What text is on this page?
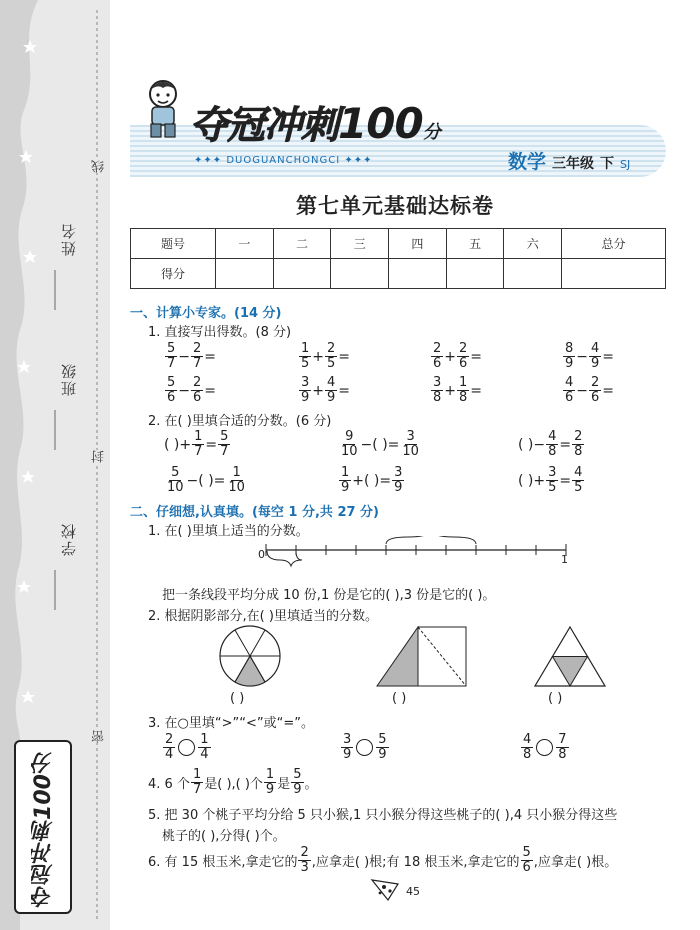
姓名
班级
学校
线
封
密
夺冠冲刺100分
夺冠冲刺100分
✦✦✦ DUOGUANCHONGCI ✦✦✦	数学 三年级 下 SJ
第七单元基础达标卷
题号	一	二	三	四	五	六	总分
得分							
一、计算小专家。(14 分)
1. 直接写出得数。(8 分)
$\frac{5}{7} - \frac{2}{7}$ =	$\frac{1}{5} + \frac{2}{5}$ =	$\frac{2}{6} + \frac{2}{6}$ =	$\frac{8}{9} - \frac{4}{9}$ =
$\frac{5}{6} - \frac{2}{6}$ =	$\frac{3}{9} + \frac{4}{9}$ =	$\frac{3}{8} + \frac{1}{8}$ =	$\frac{4}{6} - \frac{2}{6}$ =
2. 在( )里填合适的分数。(6 分)
( ) + $\frac{1}{7} = \frac{5}{7}$	$\frac{9}{10}$ − ( ) = $\frac{3}{10}$	( ) − $\frac{4}{8} = \frac{2}{8}$
$\frac{5}{10}$ − ( ) = $\frac{1}{10}$	$\frac{1}{9}$ + ( ) = $\frac{3}{9}$	( ) + $\frac{3}{5} = \frac{4}{5}$
二、仔细想,认真填。(每空 1 分,共 27 分)
1. 在( )里填上适当的分数。
0	1
把一条线段平均分成 10 份,1 份是它的( ),3 份是它的( )。
2. 根据阴影部分,在( )里填适当的分数。
( )	( )	( )
3. 在○里填“>”“<”或“=”。
$\frac{2}{4} \frac{1}{4}$	$\frac{3}{9} \frac{5}{9}$	$\frac{4}{8} \frac{7}{8}$
4. 6 个 $\frac{1}{7}$ 是( ),( )个 $\frac{1}{9}$ 是 $\frac{5}{9}$ 。
5. 把 30 个桃子平均分给 5 只小猴,1 只小猴分得这些桃子的( ),4 只小猴分得这些
桃子的( ),分得( )个。
6. 有 15 根玉米,拿走它的 $\frac{2}{3}$ ,应拿走( )根;有 18 根玉米,拿走它的 $\frac{5}{6}$ ,应拿走( )根。
45
